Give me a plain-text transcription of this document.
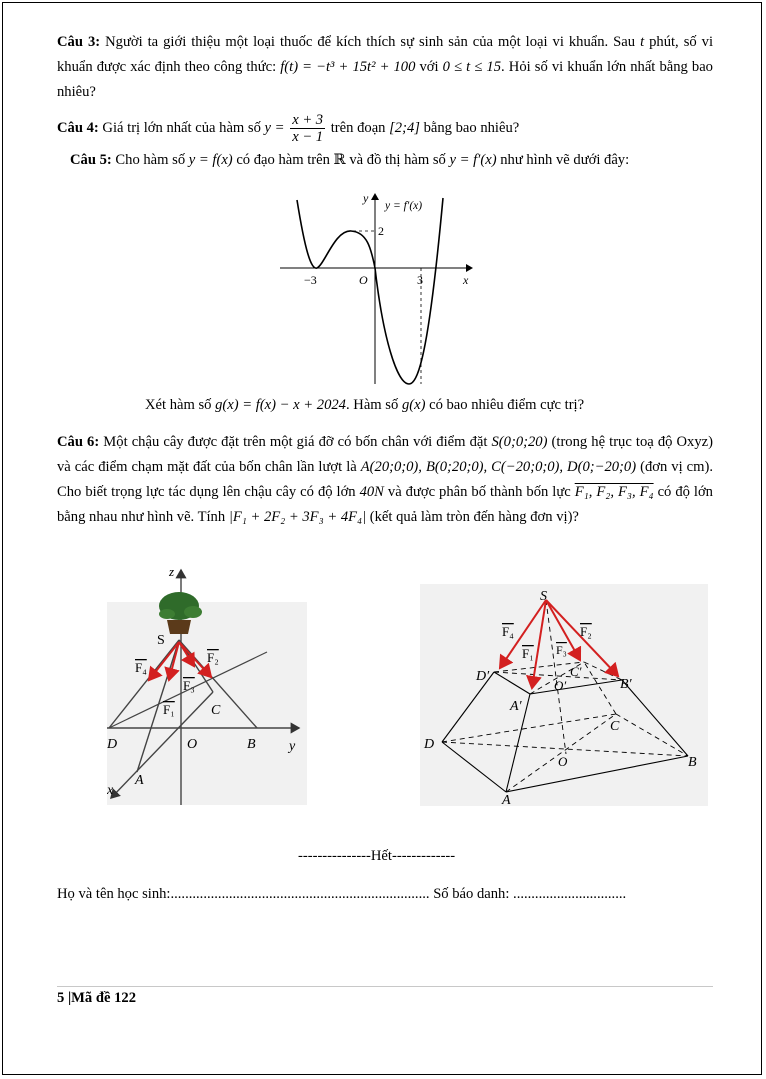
Câu 3: Người ta giới thiệu một loại thuốc để kích thích sự sinh sản của một loại vi khuẩn. Sau t phút, số vi khuẩn được xác định theo công thức: f(t) = −t³ + 15t² + 100 với 0 ≤ t ≤ 15. Hỏi số vi khuẩn lớn nhất bằng bao nhiêu?
Câu 4: Giá trị lớn nhất của hàm số $y = \frac{x + 3}{x - 1}$ trên đoạn [2;4] bằng bao nhiêu?
Câu 5: Cho hàm số y = f(x) có đạo hàm trên ℝ và đồ thị hàm số y = f′(x) như hình vẽ dưới đây:
y
y = f′(x)
2
O
−3	3	x
Xét hàm số g(x) = f(x) − x + 2024. Hàm số g(x) có bao nhiêu điểm cực trị?
Câu 6: Một chậu cây được đặt trên một giá đỡ có bốn chân với điểm đặt S(0;0;20) (trong hệ trục toạ độ Oxyz) và các điểm chạm mặt đất của bốn chân lần lượt là A(20;0;0), B(0;20;0), C(−20;0;0), D(0;−20;0) (đơn vị cm). Cho biết trọng lực tác dụng lên chậu cây có độ lớn 40N và được phân bố thành bốn lực F₁, F₂, F₃, F₄ có độ lớn bằng nhau như hình vẽ. Tính |F₁ + 2F₂ + 3F₃ + 4F₄| (kết quả làm tròn đến hàng đơn vị)?
z
S
F₄
F₂
F₃
F₁	C
D	O	B y
A
x
S
F₄	F₂
F₁ F₃
D′	C′
O′	B′
A′
C
D
O	B
A
---------------Hết-------------
Họ và tên học sinh:....................................................................... Số báo danh: ...............................
5 |Mã đề 122
